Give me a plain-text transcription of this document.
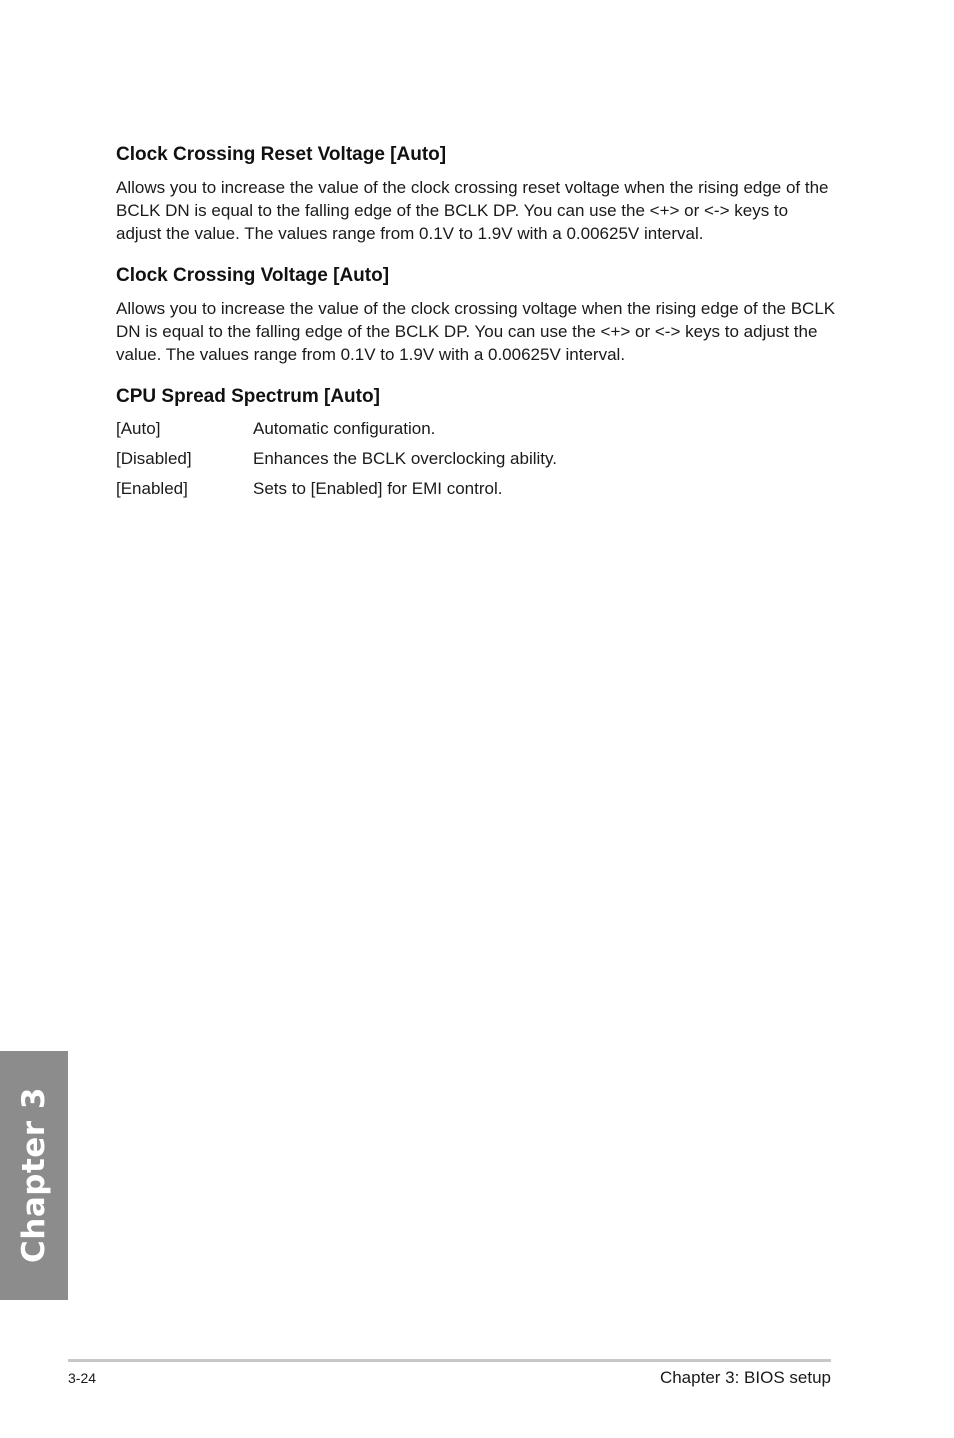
Clock Crossing Reset Voltage [Auto]

Allows you to increase the value of the clock crossing reset voltage when the rising edge of the BCLK DN is equal to the falling edge of the BCLK DP. You can use the <+> or <-> keys to adjust the value. The values range from 0.1V to 1.9V with a 0.00625V interval.

Clock Crossing Voltage [Auto]

Allows you to increase the value of the clock crossing voltage when the rising edge of the BCLK DN is equal to the falling edge of the BCLK DP. You can use the <+> or <-> keys to adjust the value. The values range from 0.1V to 1.9V with a 0.00625V interval.

CPU Spread Spectrum [Auto]
[Auto]	Automatic configuration.
[Disabled]	Enhances the BCLK overclocking ability.
[Enabled]	Sets to [Enabled] for EMI control.
Chapter 3
3-24	Chapter 3: BIOS setup
